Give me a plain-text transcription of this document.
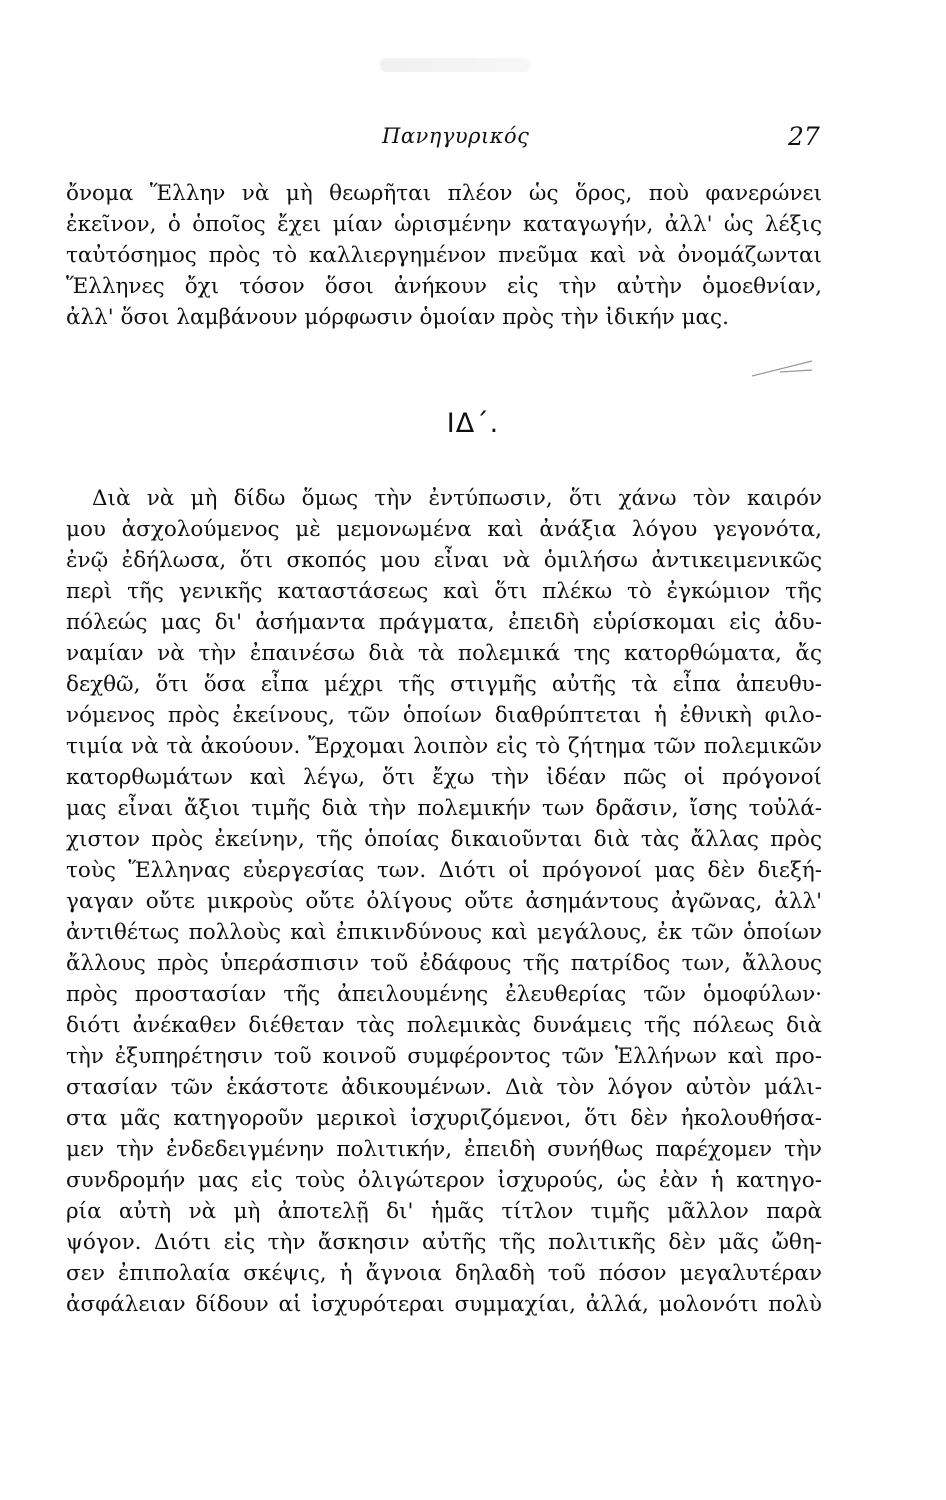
Πανηγυρικός	27
ὄνομα Ἕλλην νὰ μὴ θεωρῆται πλέον ὡς ὅρος, ποὺ φανερώνει
ἐκεῖνον, ὁ ὁποῖος ἔχει μίαν ὡρισμένην καταγωγήν, ἀλλ' ὡς λέξις
ταὐτόσημος πρὸς τὸ καλλιεργημένον πνεῦμα καὶ νὰ ὀνομάζωνται
Ἕλληνες ὄχι τόσον ὅσοι ἀνήκουν εἰς τὴν αὐτὴν ὁμοεθνίαν,
ἀλλ' ὅσοι λαμβάνουν μόρφωσιν ὁμοίαν πρὸς τὴν ἰδικήν μας.
ΙΔ΄.
Διὰ νὰ μὴ δίδω ὅμως τὴν ἐντύπωσιν, ὅτι χάνω τὸν καιρόν
μου ἀσχολούμενος μὲ μεμονωμένα καὶ ἀνάξια λόγου γεγονότα,
ἐνῷ ἐδήλωσα, ὅτι σκοπός μου εἶναι νὰ ὁμιλήσω ἀντικειμενικῶς
περὶ τῆς γενικῆς καταστάσεως καὶ ὅτι πλέκω τὸ ἐγκώμιον τῆς
πόλεώς μας δι' ἀσήμαντα πράγματα, ἐπειδὴ εὑρίσκομαι εἰς ἀδυ-
ναμίαν νὰ τὴν ἐπαινέσω διὰ τὰ πολεμικά της κατορθώματα, ἄς
δεχθῶ, ὅτι ὅσα εἶπα μέχρι τῆς στιγμῆς αὐτῆς τὰ εἶπα ἀπευθυ-
νόμενος πρὸς ἐκείνους, τῶν ὁποίων διαθρύπτεται ἡ ἐθνικὴ φιλο-
τιμία νὰ τὰ ἀκούουν. Ἔρχομαι λοιπὸν εἰς τὸ ζήτημα τῶν πολεμικῶν
κατορθωμάτων καὶ λέγω, ὅτι ἔχω τὴν ἰδέαν πῶς οἱ πρόγονοί
μας εἶναι ἄξιοι τιμῆς διὰ τὴν πολεμικήν των δρᾶσιν, ἴσης τοὐλά-
χιστον πρὸς ἐκείνην, τῆς ὁποίας δικαιοῦνται διὰ τὰς ἄλλας πρὸς
τοὺς Ἕλληνας εὐεργεσίας των. Διότι οἱ πρόγονοί μας δὲν διεξή-
γαγαν οὔτε μικροὺς οὔτε ὀλίγους οὔτε ἀσημάντους ἀγῶνας, ἀλλ'
ἀντιθέτως πολλοὺς καὶ ἐπικινδύνους καὶ μεγάλους, ἐκ τῶν ὁποίων
ἄλλους πρὸς ὑπεράσπισιν τοῦ ἐδάφους τῆς πατρίδος των, ἄλλους
πρὸς προστασίαν τῆς ἀπειλουμένης ἐλευθερίας τῶν ὁμοφύλων·
διότι ἀνέκαθεν διέθεταν τὰς πολεμικὰς δυνάμεις τῆς πόλεως διὰ
τὴν ἐξυπηρέτησιν τοῦ κοινοῦ συμφέροντος τῶν Ἑλλήνων καὶ προ-
στασίαν τῶν ἑκάστοτε ἀδικουμένων. Διὰ τὸν λόγον αὐτὸν μάλι-
στα μᾶς κατηγοροῦν μερικοὶ ἰσχυριζόμενοι, ὅτι δὲν ἠκολουθήσα-
μεν τὴν ἐνδεδειγμένην πολιτικήν, ἐπειδὴ συνήθως παρέχομεν τὴν
συνδρομήν μας εἰς τοὺς ὀλιγώτερον ἰσχυρούς, ὡς ἐὰν ἡ κατηγο-
ρία αὐτὴ νὰ μὴ ἀποτελῇ δι' ἡμᾶς τίτλον τιμῆς μᾶλλον παρὰ
ψόγον. Διότι εἰς τὴν ἄσκησιν αὐτῆς τῆς πολιτικῆς δὲν μᾶς ὤθη-
σεν ἐπιπολαία σκέψις, ἡ ἄγνοια δηλαδὴ τοῦ πόσον μεγαλυτέραν
ἀσφάλειαν δίδουν αἱ ἰσχυρότεραι συμμαχίαι, ἀλλά, μολονότι πολὺ
